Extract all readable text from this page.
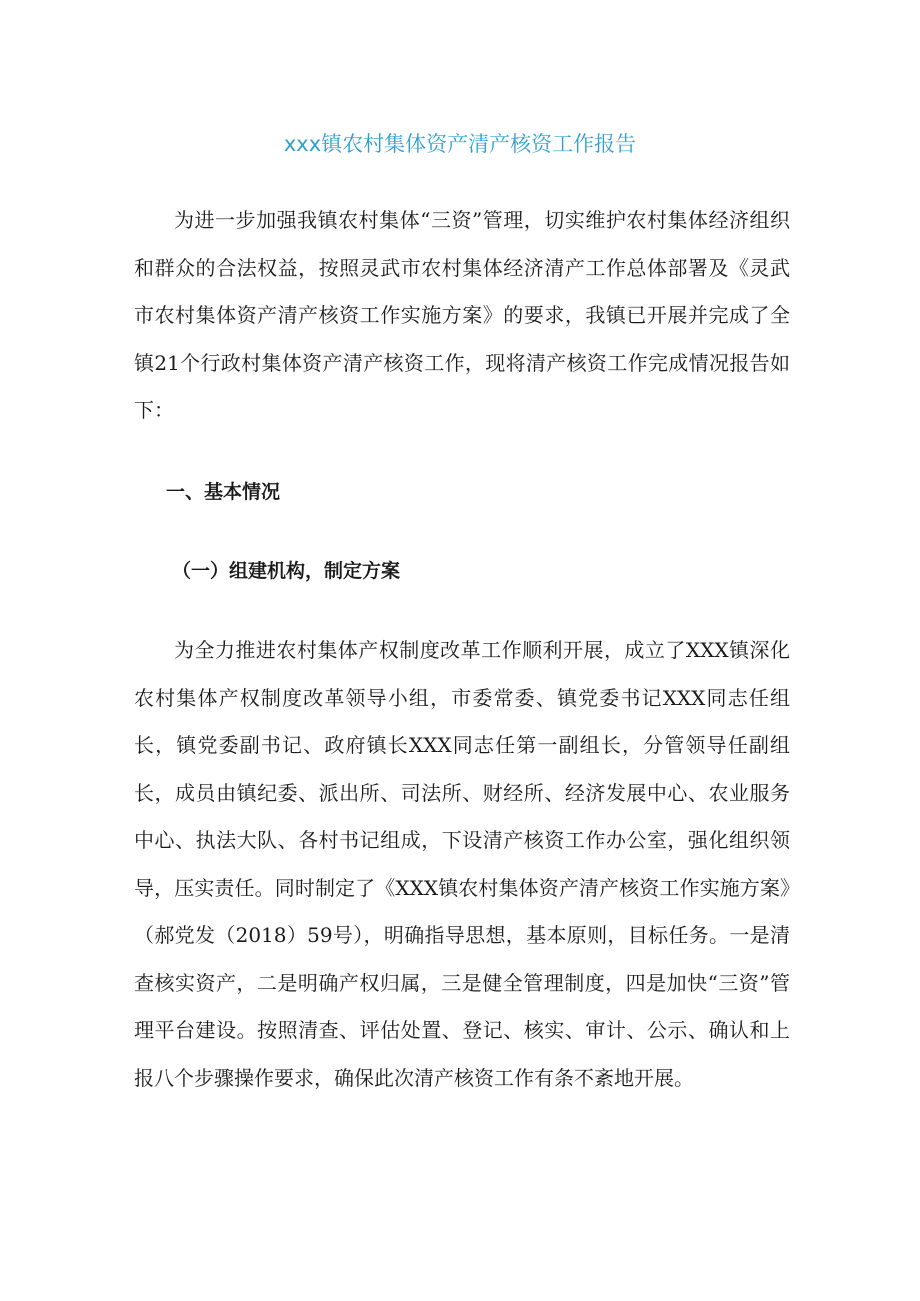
xxx镇农村集体资产清产核资工作报告

为进一步加强我镇农村集体“三资”管理，切实维护农村集体经济组织和群众的合法权益，按照灵武市农村集体经济清产工作总体部署及《灵武市农村集体资产清产核资工作实施方案》的要求，我镇已开展并完成了全镇21个行政村集体资产清产核资工作，现将清产核资工作完成情况报告如下：

一、基本情况
（一）组建机构，制定方案

为全力推进农村集体产权制度改革工作顺利开展，成立了XXX镇深化农村集体产权制度改革领导小组，市委常委、镇党委书记XXX同志任组长，镇党委副书记、政府镇长XXX同志任第一副组长，分管领导任副组长，成员由镇纪委、派出所、司法所、财经所、经济发展中心、农业服务中心、执法大队、各村书记组成，下设清产核资工作办公室，强化组织领导，压实责任。同时制定了《XXX镇农村集体资产清产核资工作实施方案》（郝党发（2018）59号），明确指导思想，基本原则，目标任务。一是清查核实资产，二是明确产权归属，三是健全管理制度，四是加快“三资”管理平台建设。按照清查、评估处置、登记、核实、审计、公示、确认和上报八个步骤操作要求，确保此次清产核资工作有条不紊地开展。
